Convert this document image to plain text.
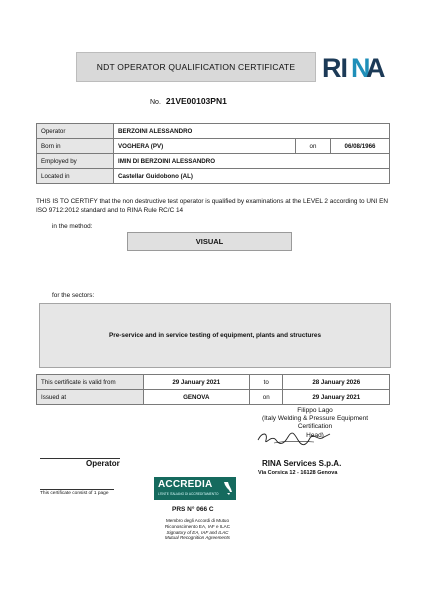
NDT OPERATOR QUALIFICATION CERTIFICATE RI N
A
No. 21VE00103PN1
Operator	BERZOINI ALESSANDRO		
Born in	VOGHERA (PV)	on	06/08/1966
Employed by	IMIN DI BERZOINI ALESSANDRO		
Located in	Castellar Guidobono (AL)		
THIS IS TO CERTIFY that the non destructive test operator is qualified by examinations at the LEVEL 2 according to UNI EN ISO 9712:2012 standard and to RINA Rule RC/C 14
in the method:
VISUAL
for the sectors:
Pre-service and in service testing of equipment, plants and structures
This certificate is valid from	29 January 2021	to	28 January 2026
Issued at	GENOVA	on	29 January 2021
Filippo Lago
(Italy Welding & Pressure Equipment
Certification
Head)
Operator
This certificate consist of 1 page
RINA Services S.p.A.
Via Corsica 12 - 16128 Genova
ACCREDIA
L'ENTE ITALIANO DI ACCREDITAMENTO
PRS N° 066 C
Membro degli Accordi di Mutuo
Riconoscimento EA, IAF e ILAC
Signatory of EA, IAF and ILAC
Mutual Recognition Agreements
